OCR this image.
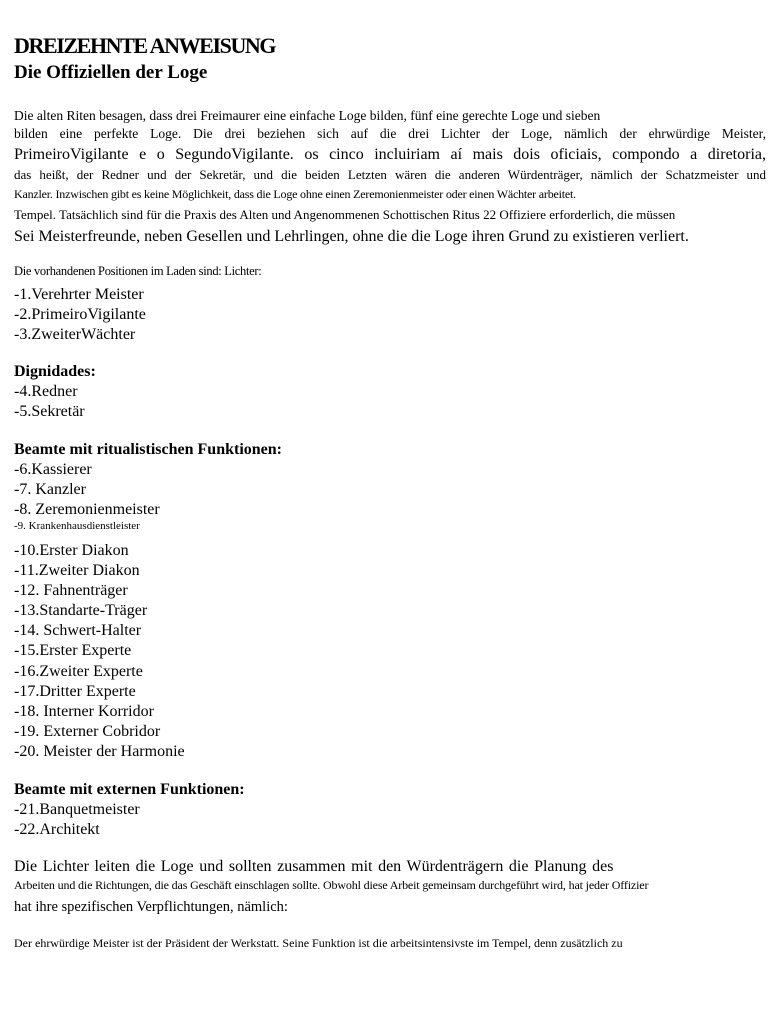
DREIZEHNTE ANWEISUNG
Die Offiziellen der Loge
Die alten Riten besagen, dass drei Freimaurer eine einfache Loge bilden, fünf eine gerechte Loge und sieben
bilden eine perfekte Loge. Die drei beziehen sich auf die drei Lichter der Loge, nämlich der ehrwürdige Meister,
PrimeiroVigilante e o SegundoVigilante. os cinco incluiriam aí mais dois oficiais, compondo a diretoria,
das heißt, der Redner und der Sekretär, und die beiden Letzten wären die anderen Würdenträger, nämlich der Schatzmeister und
Kanzler. Inzwischen gibt es keine Möglichkeit, dass die Loge ohne einen Zeremonienmeister oder einen Wächter arbeitet.
Tempel. Tatsächlich sind für die Praxis des Alten und Angenommenen Schottischen Ritus 22 Offiziere erforderlich, die müssen
Sei Meisterfreunde, neben Gesellen und Lehrlingen, ohne die die Loge ihren Grund zu existieren verliert.
Die vorhandenen Positionen im Laden sind: Lichter:
-1.Verehrter Meister
-2.PrimeiroVigilante
-3.ZweiterWächter
Dignidades:
-4.Redner
-5.Sekretär
Beamte mit ritualistischen Funktionen:
-6.Kassierer
-7. Kanzler
-8. Zeremonienmeister
-9. Krankenhausdienstleister
-10.Erster Diakon
-11.Zweiter Diakon
-12. Fahnenträger
-13.Standarte-Träger
-14. Schwert-Halter
-15.Erster Experte
-16.Zweiter Experte
-17.Dritter Experte
-18. Interner Korridor
-19. Externer Cobridor
-20. Meister der Harmonie
Beamte mit externen Funktionen:
-21.Banquetmeister
-22.Architekt
Die Lichter leiten die Loge und sollten zusammen mit den Würdenträgern die Planung des
Arbeiten und die Richtungen, die das Geschäft einschlagen sollte. Obwohl diese Arbeit gemeinsam durchgeführt wird, hat jeder Offizier
hat ihre spezifischen Verpflichtungen, nämlich:
Der ehrwürdige Meister ist der Präsident der Werkstatt. Seine Funktion ist die arbeitsintensivste im Tempel, denn zusätzlich zu
